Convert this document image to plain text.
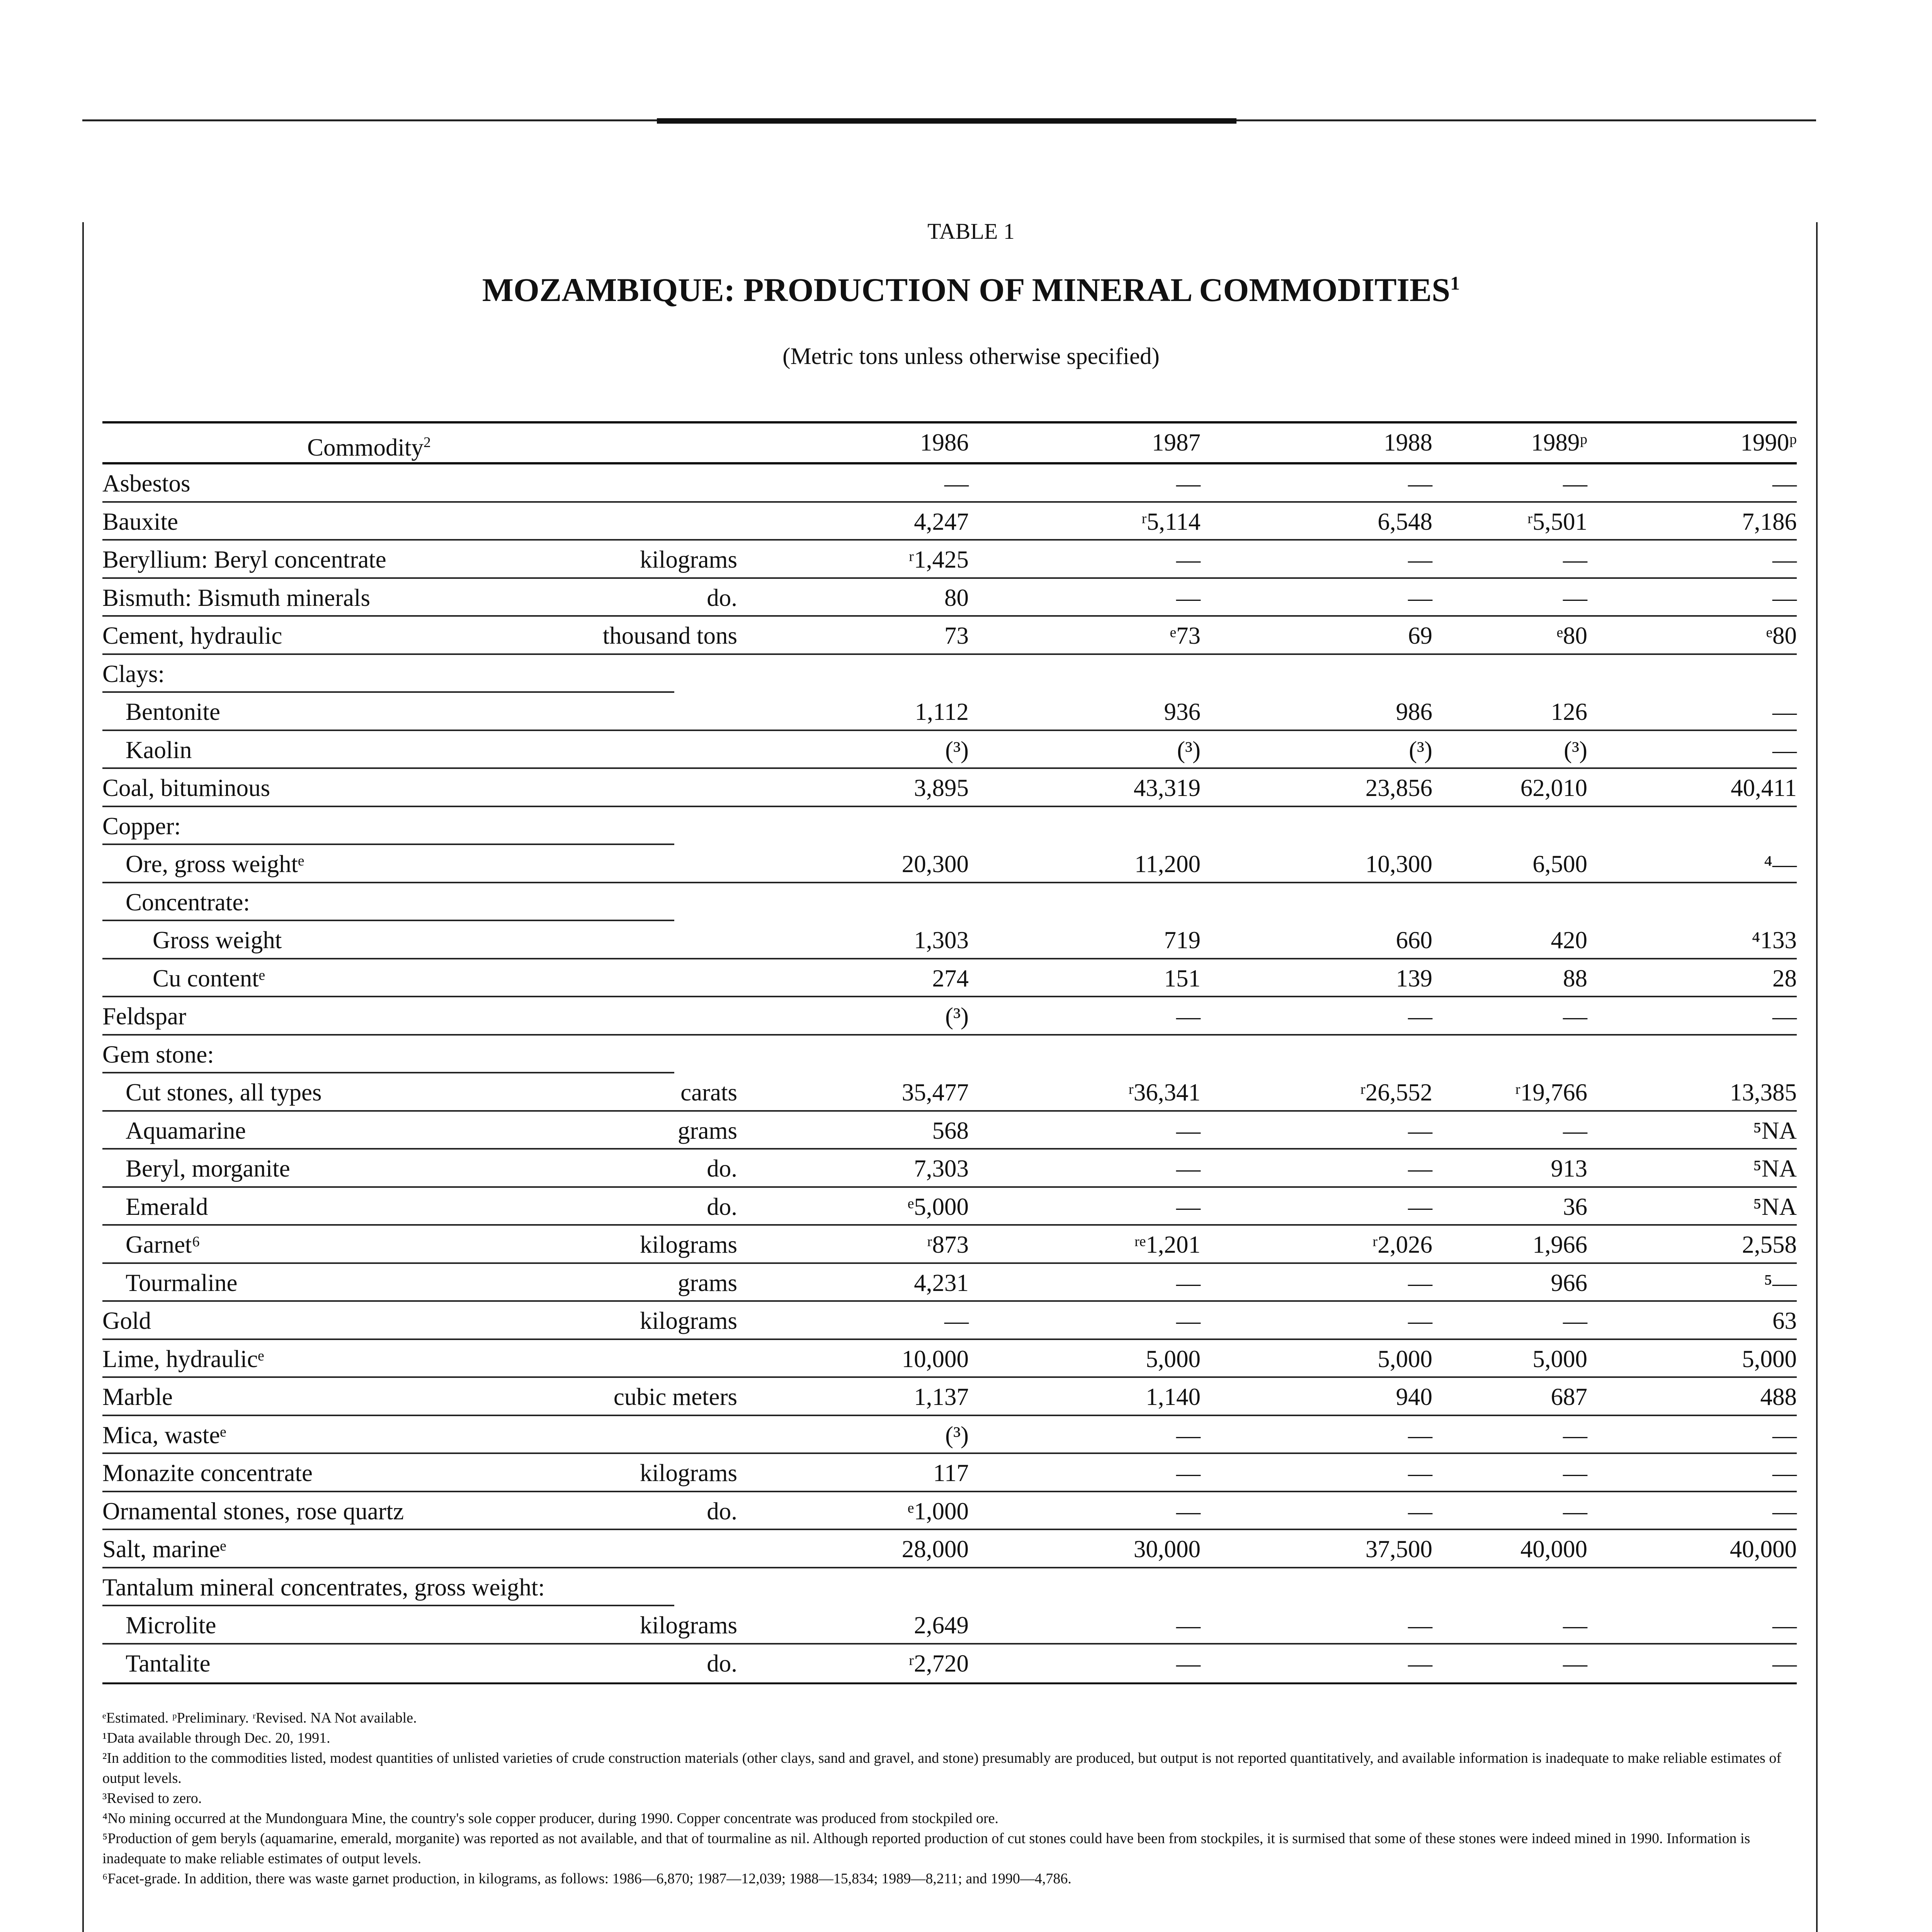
TABLE 1
MOZAMBIQUE: PRODUCTION OF MINERAL COMMODITIES$^1$
(Metric tons unless otherwise specified)
Commodity$^2$	1986	1987	1988	1989ᵖ	1990ᵖ
Asbestos	—	—	—	—	—
Bauxite	4,247	ʳ5,114	6,548	ʳ5,501	7,186
Beryllium: Beryl concentrate	kilograms	ʳ1,425	—	—	—	—
Bismuth: Bismuth minerals	do.	80	—	—	—	—
Cement, hydraulic	thousand tons	73	ᵉ73	69	ᵉ80	ᵉ80
Clays:
Bentonite	1,112	936	986	126	—
Kaolin	(³)	(³)	(³)	(³)	—
Coal, bituminous	3,895	43,319	23,856	62,010	40,411
Copper:
Ore, gross weightᵉ	20,300	11,200	10,300	6,500	⁴—
Concentrate:
Gross weight	1,303	719	660	420	⁴133
Cu contentᵉ	274	151	139	88	28
Feldspar	(³)	—	—	—	—
Gem stone:
Cut stones, all types	carats	35,477	ʳ36,341	ʳ26,552	ʳ19,766	13,385
Aquamarine	grams	568	—	—	—	⁵NA
Beryl, morganite	do.	7,303	—	—	913	⁵NA
Emerald	do.	ᵉ5,000	—	—	36	⁵NA
Garnet⁶	kilograms	ʳ873	ʳᵉ1,201	ʳ2,026	1,966	2,558
Tourmaline	grams	4,231	—	—	966	⁵—
Gold	kilograms	—	—	—	—	63
Lime, hydraulicᵉ	10,000	5,000	5,000	5,000	5,000
Marble	cubic meters	1,137	1,140	940	687	488
Mica, wasteᵉ	(³)	—	—	—	—
Monazite concentrate	kilograms	117	—	—	—	—
Ornamental stones, rose quartz	do.	ᵉ1,000	—	—	—	—
Salt, marineᵉ	28,000	30,000	37,500	40,000	40,000
Tantalum mineral concentrates, gross weight:
Microlite	kilograms	2,649	—	—	—	—
Tantalite	do.	ʳ2,720	—	—	—	—
ᵉEstimated. ᵖPreliminary. ʳRevised. NA Not available.
¹Data available through Dec. 20, 1991.
²In addition to the commodities listed, modest quantities of unlisted varieties of crude construction materials (other clays, sand and gravel, and stone) presumably are produced, but output is not reported quantitatively, and available information is inadequate to make reliable estimates of output levels.
³Revised to zero.
⁴No mining occurred at the Mundonguara Mine, the country's sole copper producer, during 1990. Copper concentrate was produced from stockpiled ore.
⁵Production of gem beryls (aquamarine, emerald, morganite) was reported as not available, and that of tourmaline as nil. Although reported production of cut stones could have been from stockpiles, it is surmised that some of these stones were indeed mined in 1990. Information is inadequate to make reliable estimates of output levels.
⁶Facet-grade. In addition, there was waste garnet production, in kilograms, as follows: 1986—6,870; 1987—12,039; 1988—15,834; 1989—8,211; and 1990—4,786.
